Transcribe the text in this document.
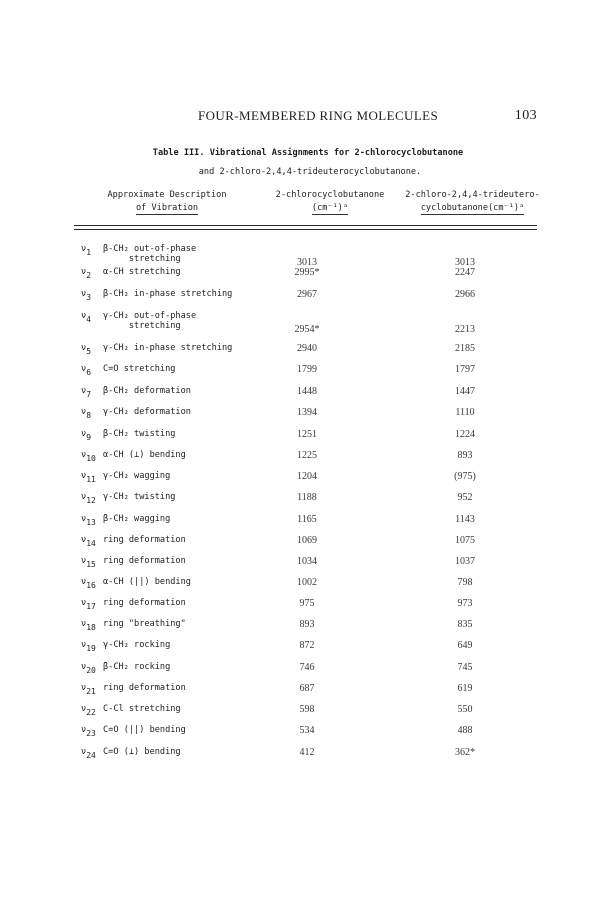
FOUR-MEMBERED RING MOLECULES	103
Table III. Vibrational Assignments for 2-chlorocyclobutanone
and 2-chloro-2,4,4-trideuterocyclobutanone.
Approximate Description
of Vibration
2-chlorocyclobutanone
(cm⁻¹)ᵃ
2-chloro-2,4,4-trideutero-
cyclobutanone(cm⁻¹)ᵃ
$\nu_1$ β-CH₂ out-of-phase
stretching	3013	3013
$\nu_2$ α-CH stretching	2995*	2247
$\nu_3$ β-CH₂ in-phase stretching	2967	2966
$\nu_4$ γ-CH₂ out-of-phase
stretching	2954*	2213
$\nu_5$ γ-CH₂ in-phase stretching	2940	2185
$\nu_6$ C=O stretching	1799	1797
$\nu_7$ β-CH₂ deformation	1448	1447
$\nu_8$ γ-CH₂ deformation	1394	1110
$\nu_9$ β-CH₂ twisting	1251	1224
$\nu_{10}$ α-CH (⊥) bending	1225	893
$\nu_{11}$ γ-CH₂ wagging	1204	(975)
$\nu_{12}$ γ-CH₂ twisting	1188	952
$\nu_{13}$ β-CH₂ wagging	1165	1143
$\nu_{14}$ ring deformation	1069	1075
$\nu_{15}$ ring deformation	1034	1037
$\nu_{16}$ α-CH (||) bending	1002	798
$\nu_{17}$ ring deformation	975	973
$\nu_{18}$ ring "breathing"	893	835
$\nu_{19}$ γ-CH₂ rocking	872	649
$\nu_{20}$ β-CH₂ rocking	746	745
$\nu_{21}$ ring deformation	687	619
$\nu_{22}$ C-Cl stretching	598	550
$\nu_{23}$ C=O (||) bending	534	488
$\nu_{24}$ C=O (⊥) bending	412	362*
